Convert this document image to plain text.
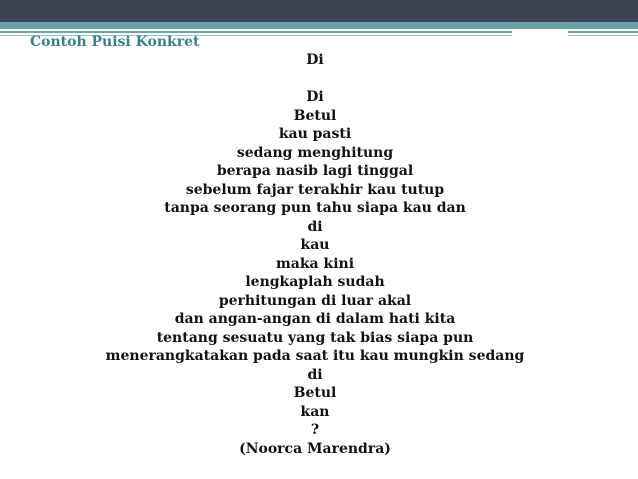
Contoh Puisi Konkret
Di
Di
Betul
kau pasti
sedang menghitung
berapa nasib lagi tinggal
sebelum fajar terakhir kau tutup
tanpa seorang pun tahu siapa kau dan
di
kau
maka kini
lengkaplah sudah
perhitungan di luar akal
dan angan-angan di dalam hati kita
tentang sesuatu yang tak bias siapa pun
menerangkatakan pada saat itu kau mungkin sedang
di
Betul
kan
?
(Noorca Marendra)
